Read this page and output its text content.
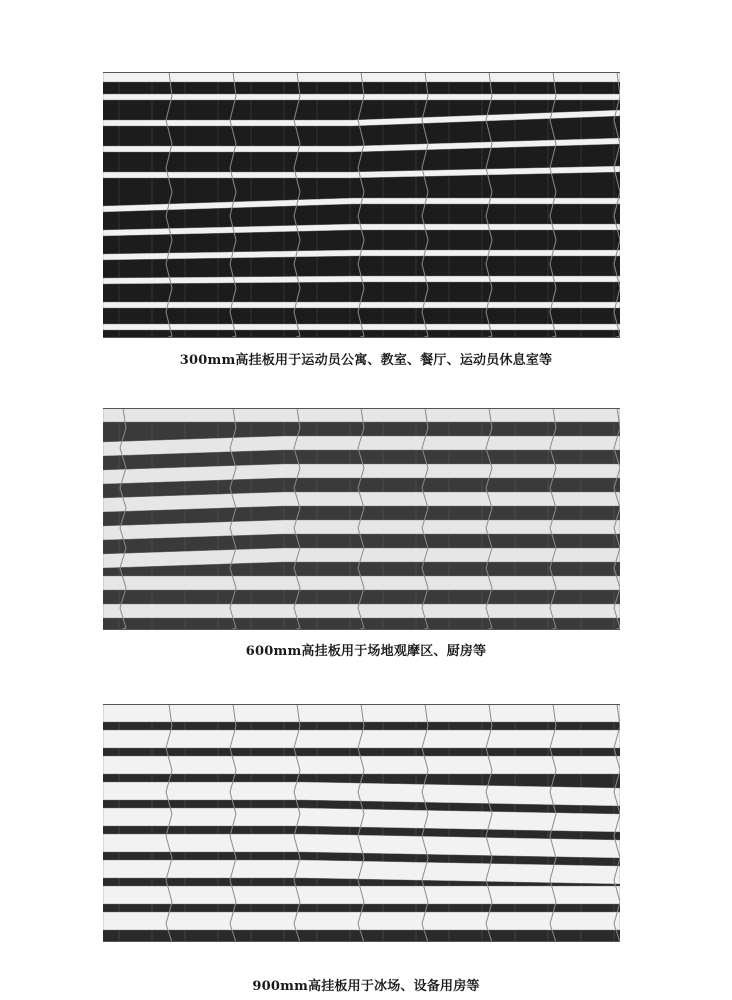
300mm高挂板用于运动员公寓、教室、餐厅、运动员休息室等
600mm高挂板用于场地观摩区、厨房等
900mm高挂板用于冰场、设备用房等
